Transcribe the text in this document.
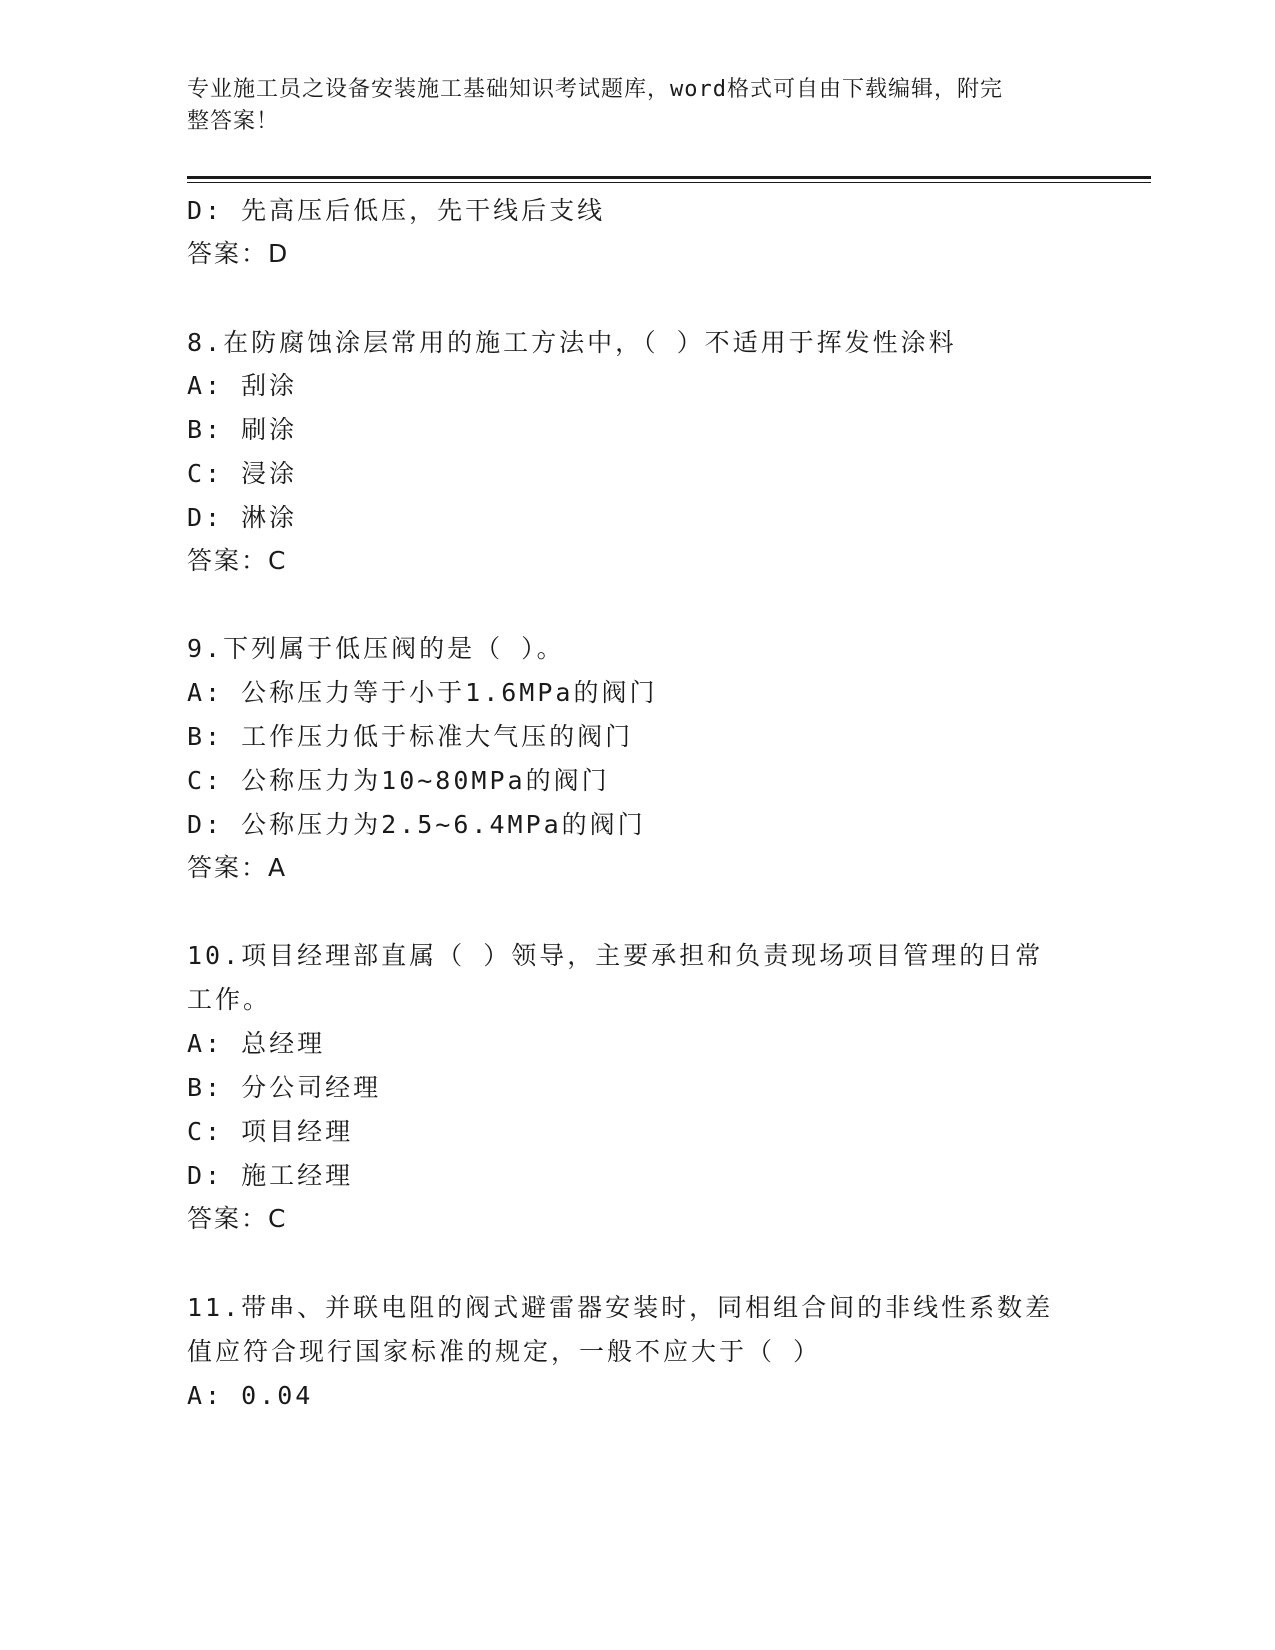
专业施工员之设备安装施工基础知识考试题库，word格式可自由下载编辑，附完
整答案！
D: 先高压后低压，先干线后支线
答案：D
8.在防腐蚀涂层常用的施工方法中，（ ）不适用于挥发性涂料
A: 刮涂
B: 刷涂
C: 浸涂
D: 淋涂
答案：C
9.下列属于低压阀的是（ ）。
A: 公称压力等于小于1.6MPa的阀门
B: 工作压力低于标准大气压的阀门
C: 公称压力为10~80MPa的阀门
D: 公称压力为2.5~6.4MPa的阀门
答案：A
10.项目经理部直属（ ）领导，主要承担和负责现场项目管理的日常
工作。
A: 总经理
B: 分公司经理
C: 项目经理
D: 施工经理
答案：C
11.带串、并联电阻的阀式避雷器安装时，同相组合间的非线性系数差
值应符合现行国家标准的规定，一般不应大于（ ）
A: 0.04
